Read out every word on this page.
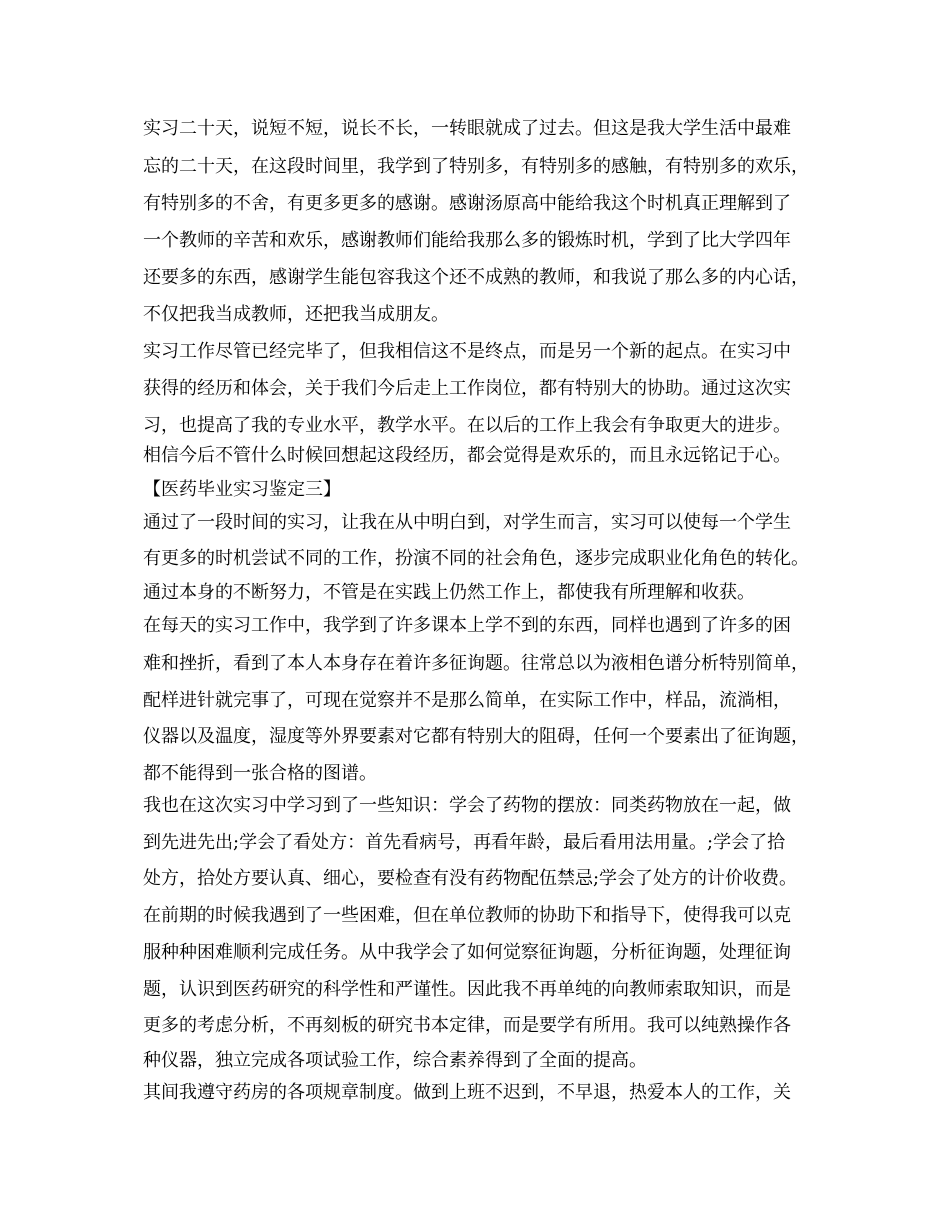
实习二十天，说短不短，说长不长，一转眼就成了过去。但这是我大学生活中最难
忘的二十天，在这段时间里，我学到了特别多，有特别多的感触，有特别多的欢乐，
有特别多的不舍，有更多更多的感谢。感谢汤原高中能给我这个时机真正理解到了
一个教师的辛苦和欢乐，感谢教师们能给我那么多的锻炼时机，学到了比大学四年
还要多的东西，感谢学生能包容我这个还不成熟的教师，和我说了那么多的内心话，
不仅把我当成教师，还把我当成朋友。
实习工作尽管已经完毕了，但我相信这不是终点，而是另一个新的起点。在实习中
获得的经历和体会，关于我们今后走上工作岗位，都有特别大的协助。通过这次实
习，也提高了我的专业水平，教学水平。在以后的工作上我会有争取更大的进步。
相信今后不管什么时候回想起这段经历，都会觉得是欢乐的，而且永远铭记于心。
【医药毕业实习鉴定三】
通过了一段时间的实习，让我在从中明白到，对学生而言，实习可以使每一个学生
有更多的时机尝试不同的工作，扮演不同的社会角色，逐步完成职业化角色的转化。
通过本身的不断努力，不管是在实践上仍然工作上，都使我有所理解和收获。
在每天的实习工作中，我学到了许多课本上学不到的东西，同样也遇到了许多的困
难和挫折，看到了本人本身存在着许多征询题。往常总以为液相色谱分析特别简单，
配样进针就完事了，可现在觉察并不是那么简单，在实际工作中，样品，流淌相，
仪器以及温度，湿度等外界要素对它都有特别大的阻碍，任何一个要素出了征询题，
都不能得到一张合格的图谱。
我也在这次实习中学习到了一些知识：学会了药物的摆放：同类药物放在一起，做
到先进先出;学会了看处方：首先看病号，再看年龄，最后看用法用量。;学会了拾
处方，拾处方要认真、细心，要检查有没有药物配伍禁忌;学会了处方的计价收费。
在前期的时候我遇到了一些困难，但在单位教师的协助下和指导下，使得我可以克
服种种困难顺利完成任务。从中我学会了如何觉察征询题，分析征询题，处理征询
题，认识到医药研究的科学性和严谨性。因此我不再单纯的向教师索取知识，而是
更多的考虑分析，不再刻板的研究书本定律，而是要学有所用。我可以纯熟操作各
种仪器，独立完成各项试验工作，综合素养得到了全面的提高。
其间我遵守药房的各项规章制度。做到上班不迟到，不早退，热爱本人的工作，关
